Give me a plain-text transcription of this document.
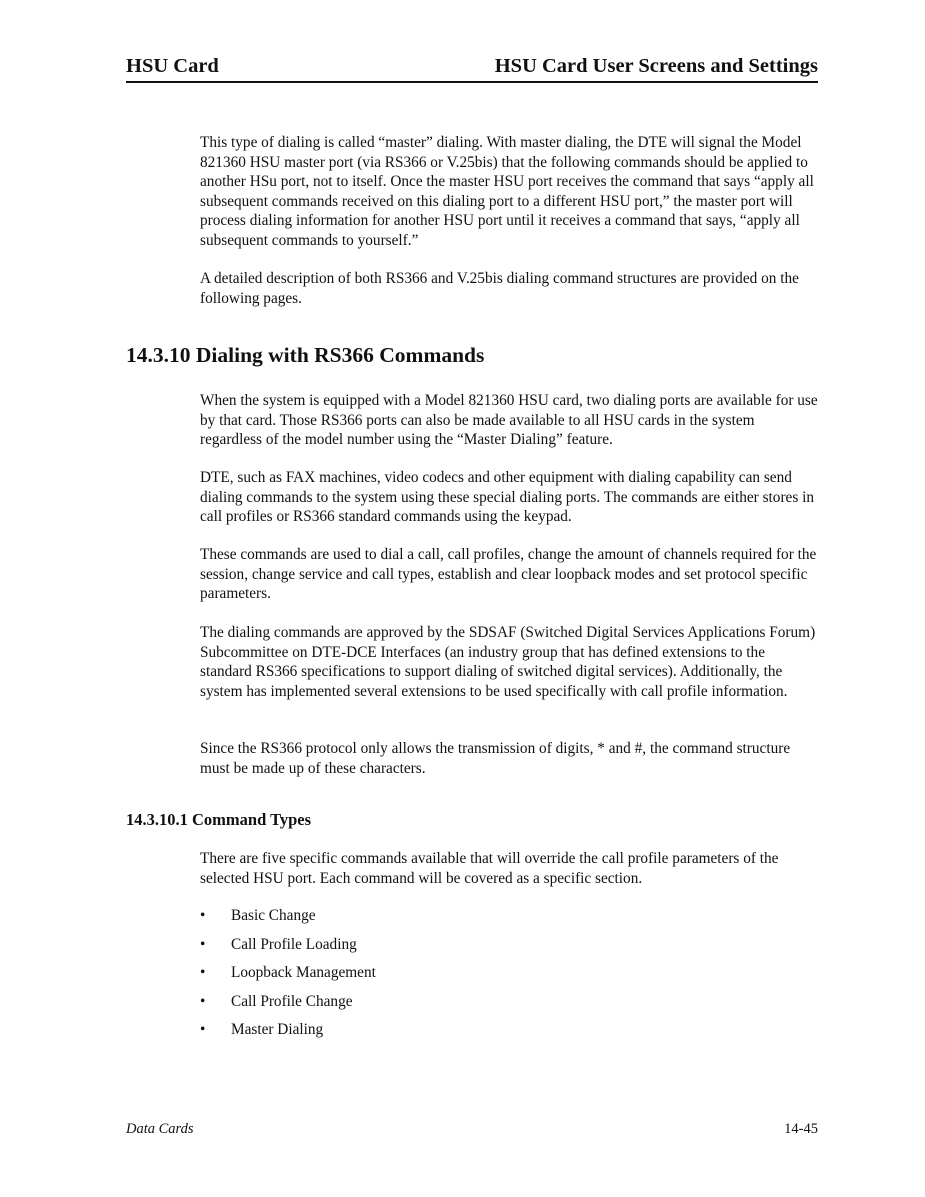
HSU Card	HSU Card User Screens and Settings

This type of dialing is called “master” dialing. With master dialing, the DTE will signal the Model 821360 HSU master port (via RS366 or V.25bis) that the following commands should be applied to another HSu port, not to itself. Once the master HSU port receives the command that says “apply all subsequent commands received on this dialing port to a different HSU port,” the master port will process dialing information for another HSU port until it receives a command that says, “apply all subsequent commands to yourself.”

A detailed description of both RS366 and V.25bis dialing command structures are provided on the following pages.

14.3.10 Dialing with RS366 Commands

When the system is equipped with a Model 821360 HSU card, two dialing ports are available for use by that card. Those RS366 ports can also be made available to all HSU cards in the system regardless of the model number using the “Master Dialing” feature.

DTE, such as FAX machines, video codecs and other equipment with dialing capability can send dialing commands to the system using these special dialing ports. The commands are either stores in call profiles or RS366 standard commands using the keypad.

These commands are used to dial a call, call profiles, change the amount of channels required for the session, change service and call types, establish and clear loopback modes and set protocol specific parameters.

The dialing commands are approved by the SDSAF (Switched Digital Services Applications Forum) Subcommittee on DTE-DCE Interfaces (an industry group that has defined extensions to the standard RS366 specifications to support dialing of switched digital services). Additionally, the system has implemented several extensions to be used specifically with call profile information.

Since the RS366 protocol only allows the transmission of digits, * and #, the command structure must be made up of these characters.

14.3.10.1 Command Types

There are five specific commands available that will override the call profile parameters of the selected HSU port. Each command will be covered as a specific section.

•	Basic Change
•	Call Profile Loading
•	Loopback Management
•	Call Profile Change
•	Master Dialing
Data Cards	14-45
